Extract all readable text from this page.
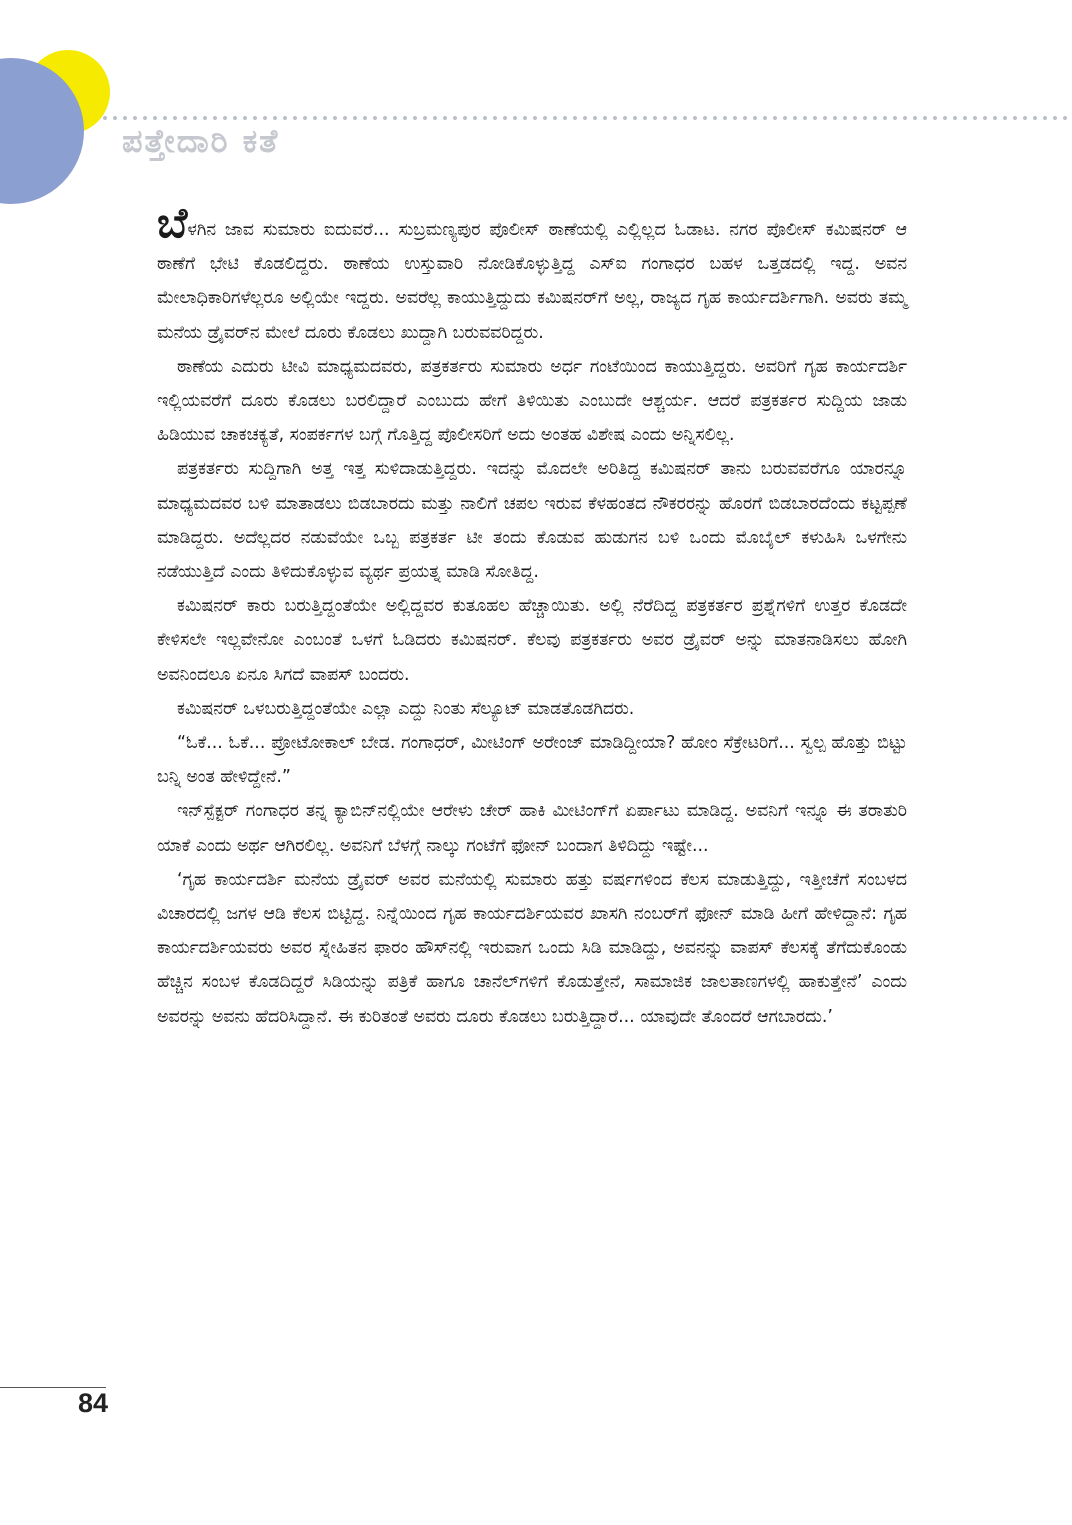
ಪತ್ತೇದಾರಿ ಕತೆ

ಬೆಳಗಿನ ಜಾವ ಸುಮಾರು ಐದುವರೆ... ಸುಬ್ರಮಣ್ಯಪುರ ಪೊಲೀಸ್ ಠಾಣೆಯಲ್ಲಿ ಎಲ್ಲಿಲ್ಲದ ಓಡಾಟ. ನಗರ ಪೊಲೀಸ್ ಕಮಿಷನರ್ ಆ ಠಾಣೆಗೆ ಭೇಟಿ ಕೊಡಲಿದ್ದರು. ಠಾಣೆಯ ಉಸ್ತುವಾರಿ ನೋಡಿಕೊಳ್ಳುತ್ತಿದ್ದ ಎಸ್‌ಐ ಗಂಗಾಧರ ಬಹಳ ಒತ್ತಡದಲ್ಲಿ ಇದ್ದ. ಅವನ ಮೇಲಾಧಿಕಾರಿಗಳೆಲ್ಲರೂ ಅಲ್ಲಿಯೇ ಇದ್ದರು. ಅವರೆಲ್ಲ ಕಾಯುತ್ತಿದ್ದುದು ಕಮಿಷನರ್‌ಗೆ ಅಲ್ಲ, ರಾಜ್ಯದ ಗೃಹ ಕಾರ್ಯದರ್ಶಿಗಾಗಿ. ಅವರು ತಮ್ಮ ಮನೆಯ ಡ್ರೈವರ್‌ನ ಮೇಲೆ ದೂರು ಕೊಡಲು ಖುದ್ದಾಗಿ ಬರುವವರಿದ್ದರು.

ಠಾಣೆಯ ಎದುರು ಟೀವಿ ಮಾಧ್ಯಮದವರು, ಪತ್ರಕರ್ತರು ಸುಮಾರು ಅರ್ಧ ಗಂಟೆಯಿಂದ ಕಾಯುತ್ತಿದ್ದರು. ಅವರಿಗೆ ಗೃಹ ಕಾರ್ಯದರ್ಶಿ ಇಲ್ಲಿಯವರೆಗೆ ದೂರು ಕೊಡಲು ಬರಲಿದ್ದಾರೆ ಎಂಬುದು ಹೇಗೆ ತಿಳಿಯಿತು ಎಂಬುದೇ ಆಶ್ಚರ್ಯ. ಆದರೆ ಪತ್ರಕರ್ತರ ಸುದ್ದಿಯ ಜಾಡು ಹಿಡಿಯುವ ಚಾಕಚಕ್ಯತೆ, ಸಂಪರ್ಕಗಳ ಬಗ್ಗೆ ಗೊತ್ತಿದ್ದ ಪೊಲೀಸರಿಗೆ ಅದು ಅಂತಹ ವಿಶೇಷ ಎಂದು ಅನ್ನಿಸಲಿಲ್ಲ.

ಪತ್ರಕರ್ತರು ಸುದ್ದಿಗಾಗಿ ಅತ್ತ ಇತ್ತ ಸುಳಿದಾಡುತ್ತಿದ್ದರು. ಇದನ್ನು ಮೊದಲೇ ಅರಿತಿದ್ದ ಕಮಿಷನರ್ ತಾನು ಬರುವವರೆಗೂ ಯಾರನ್ನೂ ಮಾಧ್ಯಮದವರ ಬಳಿ ಮಾತಾಡಲು ಬಿಡಬಾರದು ಮತ್ತು ನಾಲಿಗೆ ಚಪಲ ಇರುವ ಕೆಳಹಂತದ ನೌಕರರನ್ನು ಹೊರಗೆ ಬಿಡಬಾರದೆಂದು ಕಟ್ಟಪ್ಪಣೆ ಮಾಡಿದ್ದರು. ಅದೆಲ್ಲದರ ನಡುವೆಯೇ ಒಬ್ಬ ಪತ್ರಕರ್ತ ಟೀ ತಂದು ಕೊಡುವ ಹುಡುಗನ ಬಳಿ ಒಂದು ಮೊಬೈಲ್ ಕಳುಹಿಸಿ ಒಳಗೇನು ನಡೆಯುತ್ತಿದೆ ಎಂದು ತಿಳಿದುಕೊಳ್ಳುವ ವ್ಯರ್ಥ ಪ್ರಯತ್ನ ಮಾಡಿ ಸೋತಿದ್ದ.

ಕಮಿಷನರ್ ಕಾರು ಬರುತ್ತಿದ್ದಂತೆಯೇ ಅಲ್ಲಿದ್ದವರ ಕುತೂಹಲ ಹೆಚ್ಚಾಯಿತು. ಅಲ್ಲಿ ನೆರೆದಿದ್ದ ಪತ್ರಕರ್ತರ ಪ್ರಶ್ನೆಗಳಿಗೆ ಉತ್ತರ ಕೊಡದೇ ಕೇಳಿಸಲೇ ಇಲ್ಲವೇನೋ ಎಂಬಂತೆ ಒಳಗೆ ಓಡಿದರು ಕಮಿಷನರ್. ಕೆಲವು ಪತ್ರಕರ್ತರು ಅವರ ಡ್ರೈವರ್ ಅನ್ನು ಮಾತನಾಡಿಸಲು ಹೋಗಿ ಅವನಿಂದಲೂ ಏನೂ ಸಿಗದೆ ವಾಪಸ್ ಬಂದರು.

ಕಮಿಷನರ್ ಒಳಬರುತ್ತಿದ್ದಂತೆಯೇ ಎಲ್ಲಾ ಎದ್ದು ನಿಂತು ಸೆಲ್ಯೂಟ್ ಮಾಡತೊಡಗಿದರು.

“ಓಕೆ... ಓಕೆ... ಪ್ರೋಟೋಕಾಲ್ ಬೇಡ. ಗಂಗಾಧರ್, ಮೀಟಿಂಗ್ ಅರೇಂಜ್ ಮಾಡಿದ್ದೀಯಾ? ಹೋಂ ಸೆಕ್ರೇಟರಿಗೆ... ಸ್ವಲ್ಪ ಹೊತ್ತು ಬಿಟ್ಟು ಬನ್ನಿ ಅಂತ ಹೇಳಿದ್ದೇನೆ.”

ಇನ್‌ಸ್ಪೆಕ್ಟರ್ ಗಂಗಾಧರ ತನ್ನ ಕ್ಯಾಬಿನ್‌ನಲ್ಲಿಯೇ ಆರೇಳು ಚೇರ್ ಹಾಕಿ ಮೀಟಿಂಗ್‌ಗೆ ಏರ್ಪಾಟು ಮಾಡಿದ್ದ. ಅವನಿಗೆ ಇನ್ನೂ ಈ ತರಾತುರಿ ಯಾಕೆ ಎಂದು ಅರ್ಥ ಆಗಿರಲಿಲ್ಲ. ಅವನಿಗೆ ಬೆಳಗ್ಗೆ ನಾಲ್ಕು ಗಂಟೆಗೆ ಫೋನ್ ಬಂದಾಗ ತಿಳಿದಿದ್ದು ಇಷ್ಟೇ...

‘ಗೃಹ ಕಾರ್ಯದರ್ಶಿ ಮನೆಯ ಡ್ರೈವರ್ ಅವರ ಮನೆಯಲ್ಲಿ ಸುಮಾರು ಹತ್ತು ವರ್ಷಗಳಿಂದ ಕೆಲಸ ಮಾಡುತ್ತಿದ್ದು, ಇತ್ತೀಚೆಗೆ ಸಂಬಳದ ವಿಚಾರದಲ್ಲಿ ಜಗಳ ಆಡಿ ಕೆಲಸ ಬಿಟ್ಟಿದ್ದ. ನಿನ್ನೆಯಿಂದ ಗೃಹ ಕಾರ್ಯದರ್ಶಿಯವರ ಖಾಸಗಿ ನಂಬರ್‌ಗೆ ಫೋನ್ ಮಾಡಿ ಹೀಗೆ ಹೇಳಿದ್ದಾನೆ: ಗೃಹ ಕಾರ್ಯದರ್ಶಿಯವರು ಅವರ ಸ್ನೇಹಿತನ ಫಾರಂ ಹೌಸ್‌ನಲ್ಲಿ ಇರುವಾಗ ಒಂದು ಸಿಡಿ ಮಾಡಿದ್ದು, ಅವನನ್ನು ವಾಪಸ್ ಕೆಲಸಕ್ಕೆ ತೆಗೆದುಕೊಂಡು ಹೆಚ್ಚಿನ ಸಂಬಳ ಕೊಡದಿದ್ದರೆ ಸಿಡಿಯನ್ನು ಪತ್ರಿಕೆ ಹಾಗೂ ಚಾನೆಲ್‌ಗಳಿಗೆ ಕೊಡುತ್ತೇನೆ, ಸಾಮಾಜಿಕ ಜಾಲತಾಣಗಳಲ್ಲಿ ಹಾಕುತ್ತೇನೆ’ ಎಂದು ಅವರನ್ನು ಅವನು ಹೆದರಿಸಿದ್ದಾನೆ. ಈ ಕುರಿತಂತೆ ಅವರು ದೂರು ಕೊಡಲು ಬರುತ್ತಿದ್ದಾರೆ... ಯಾವುದೇ ತೊಂದರೆ ಆಗಬಾರದು.’

84
